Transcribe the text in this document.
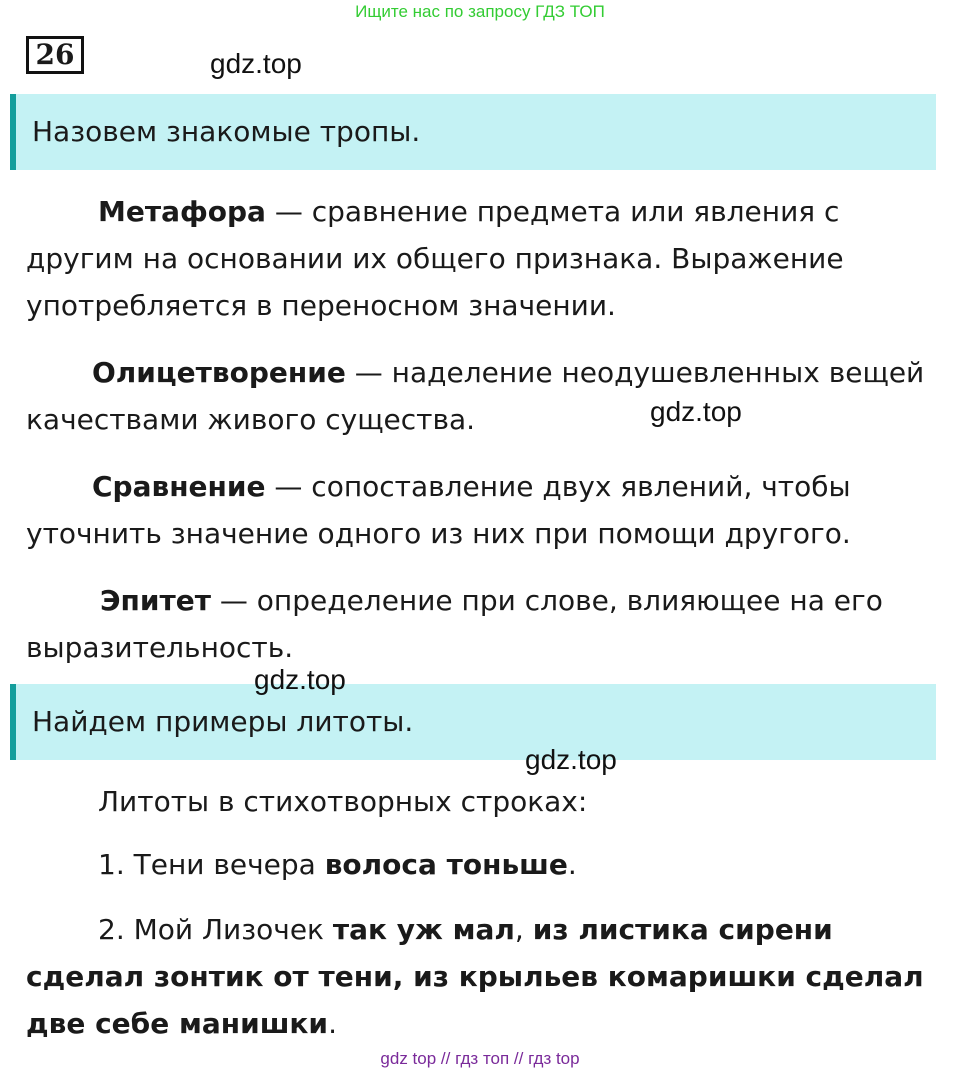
Ищите нас по запросу ГДЗ ТОП
26	gdz.top
Назовем знакомые тропы.
Метафора — сравнение предмета или явления с другим на основании их общего признака. Выражение употребляется в переносном значении.
Олицетворение — наделение неодушевленных вещей качествами живого существа.	gdz.top
Сравнение — сопоставление двух явлений, чтобы уточнить значение одного из них при помощи другого.
Эпитет — определение при слове, влияющее на его выразительность.
Найдем примеры литоты.
gdz.top
gdz.top
Литоты в стихотворных строках:
1. Тени вечера волоса тоньше.
2. Мой Лизочек так уж мал, из листика сирени сделал зонтик от тени, из крыльев комаришки сделал две себе манишки.
gdz top // гдз топ // гдз top
